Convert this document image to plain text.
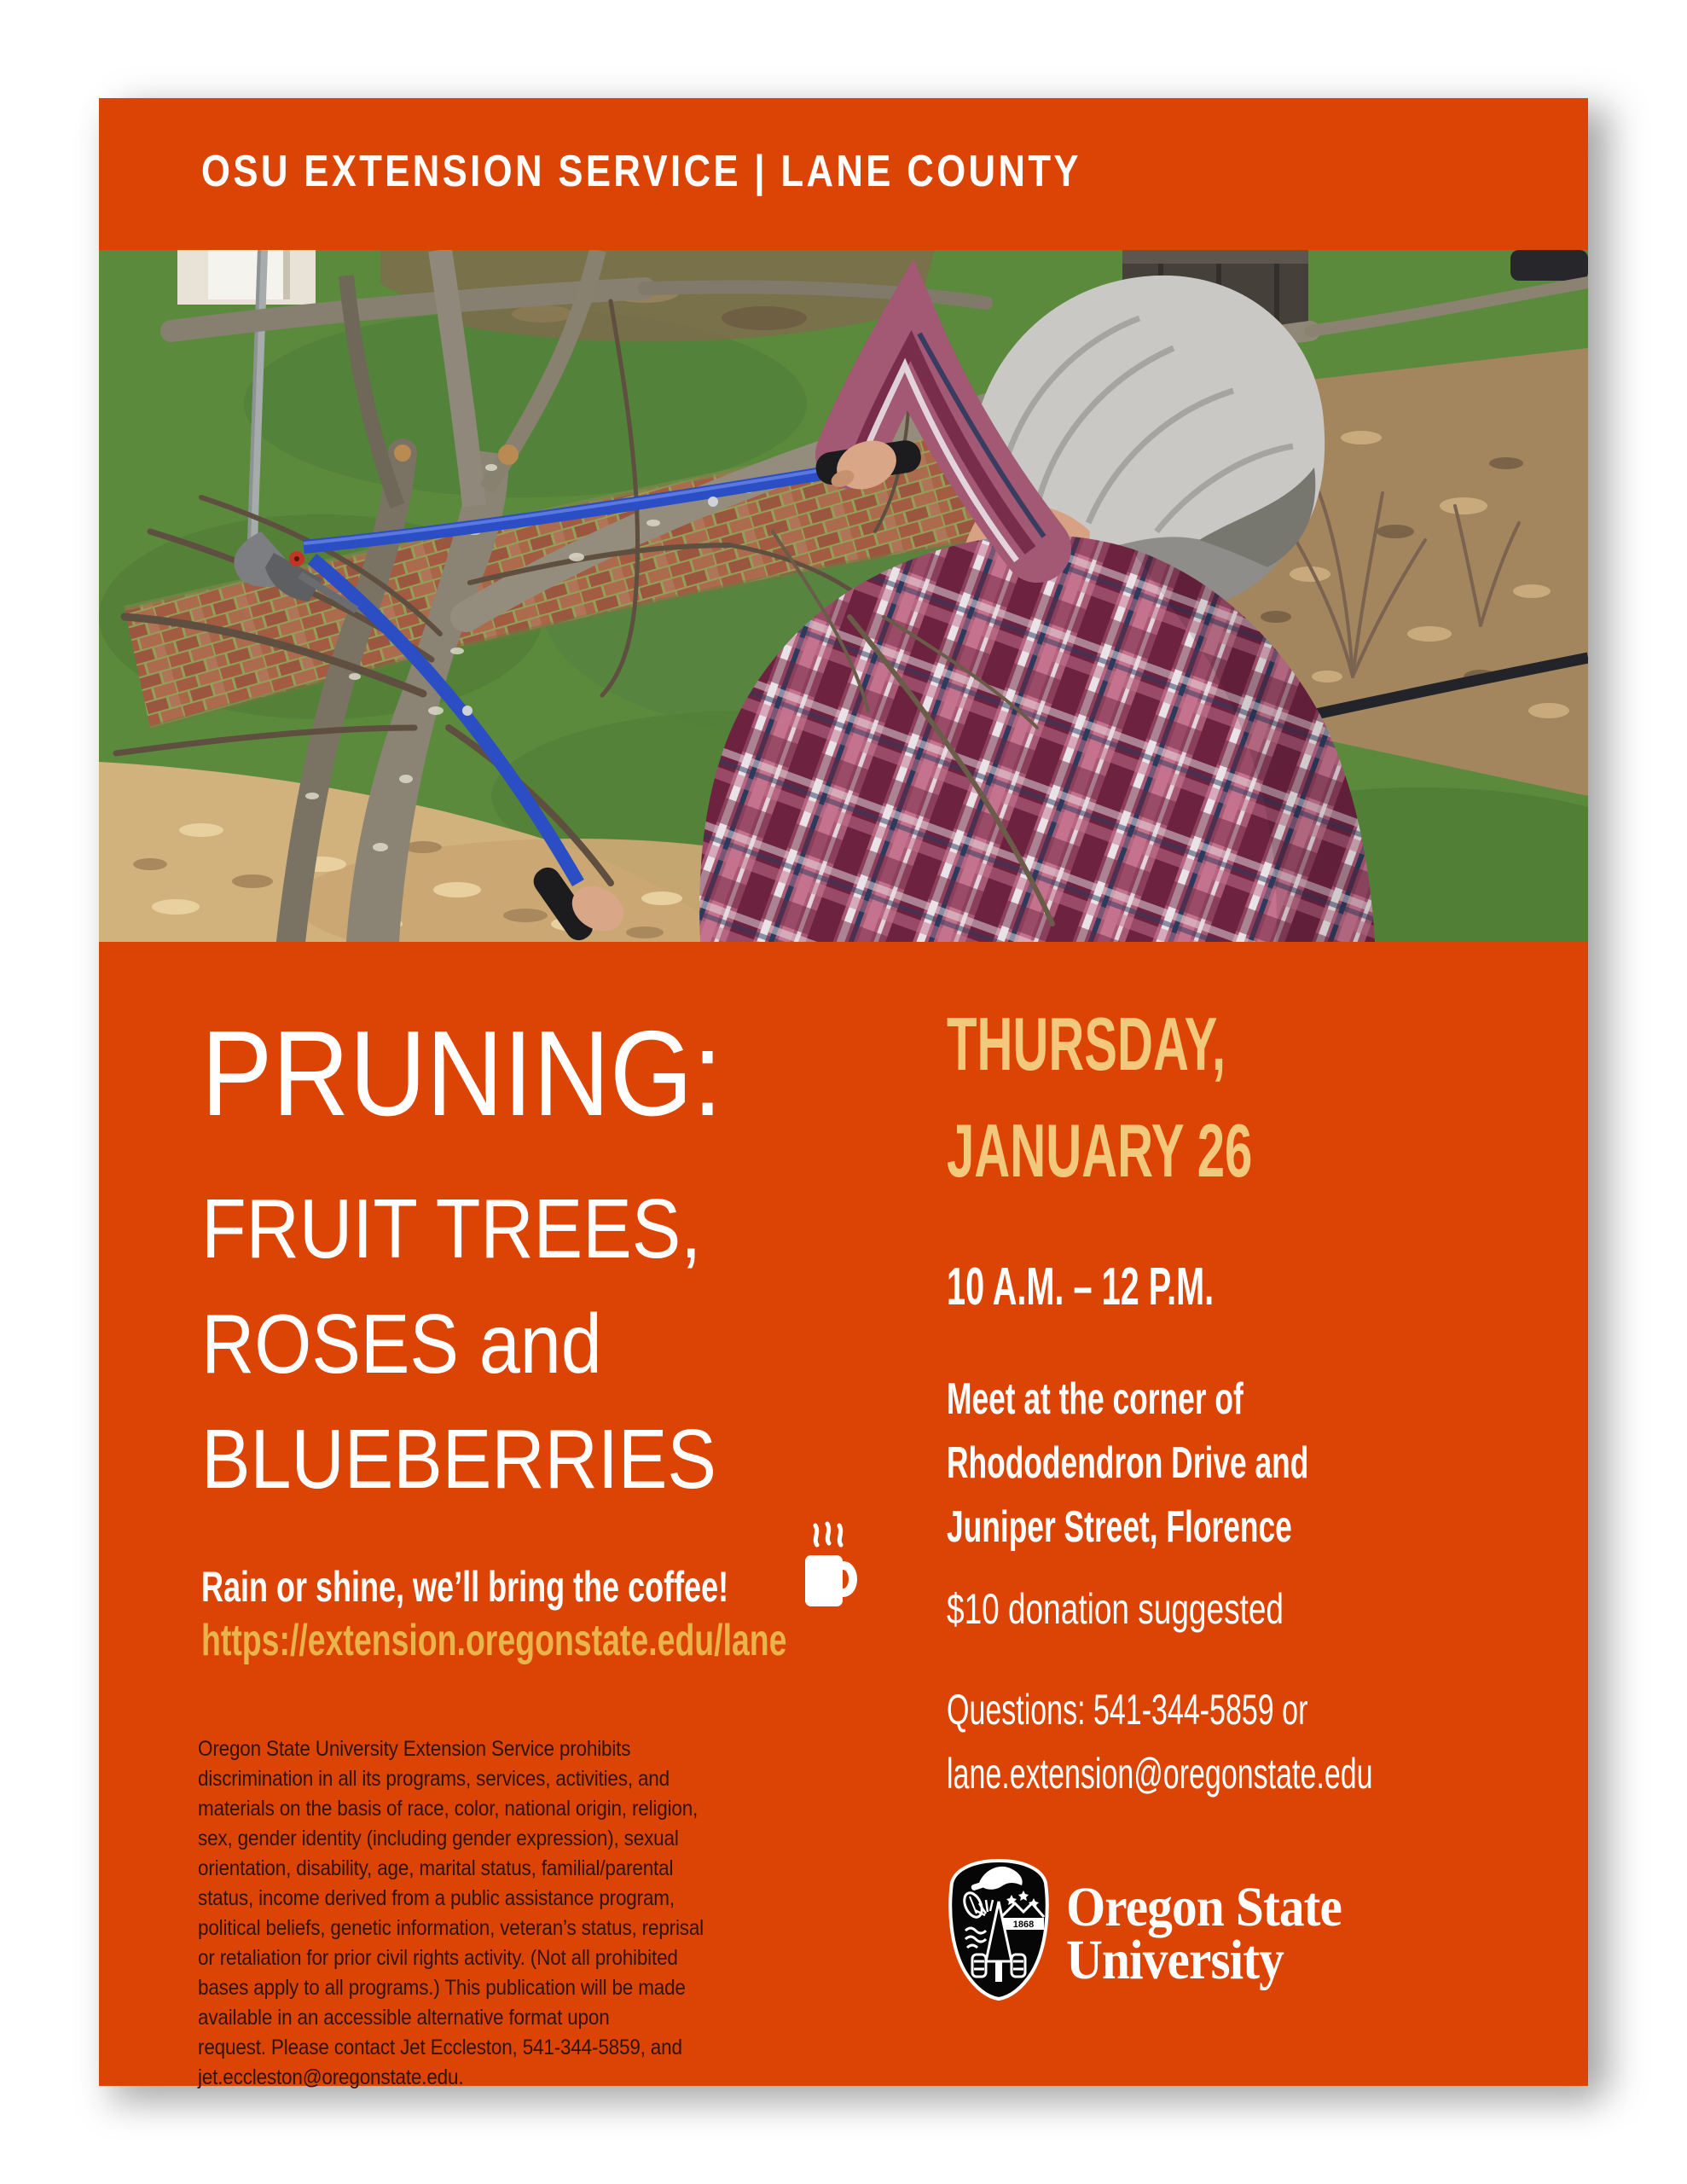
OSU EXTENSION SERVICE | LANE COUNTY
PRUNING:
FRUIT TREES,
ROSES and
BLUEBERRIES
Rain or shine, we’ll bring the coffee!
https://extension.oregonstate.edu/lane
Oregon State University Extension Service prohibits
discrimination in all its programs, services, activities, and
materials on the basis of race, color, national origin, religion,
sex, gender identity (including gender expression), sexual
orientation, disability, age, marital status, familial/parental
status, income derived from a public assistance program,
political beliefs, genetic information, veteran’s status, reprisal
or retaliation for prior civil rights activity. (Not all prohibited
bases apply to all programs.) This publication will be made
available in an accessible alternative format upon
request. Please contact Jet Eccleston, 541-344-5859, and
jet.eccleston@oregonstate.edu.
THURSDAY,
JANUARY 26
10 A.M. – 12 P.M.
Meet at the corner of
Rhododendron Drive and
Juniper Street, Florence
$10 donation suggested
Questions: 541-344-5859 or
lane.extension@oregonstate.edu
1868 Oregon State
University
